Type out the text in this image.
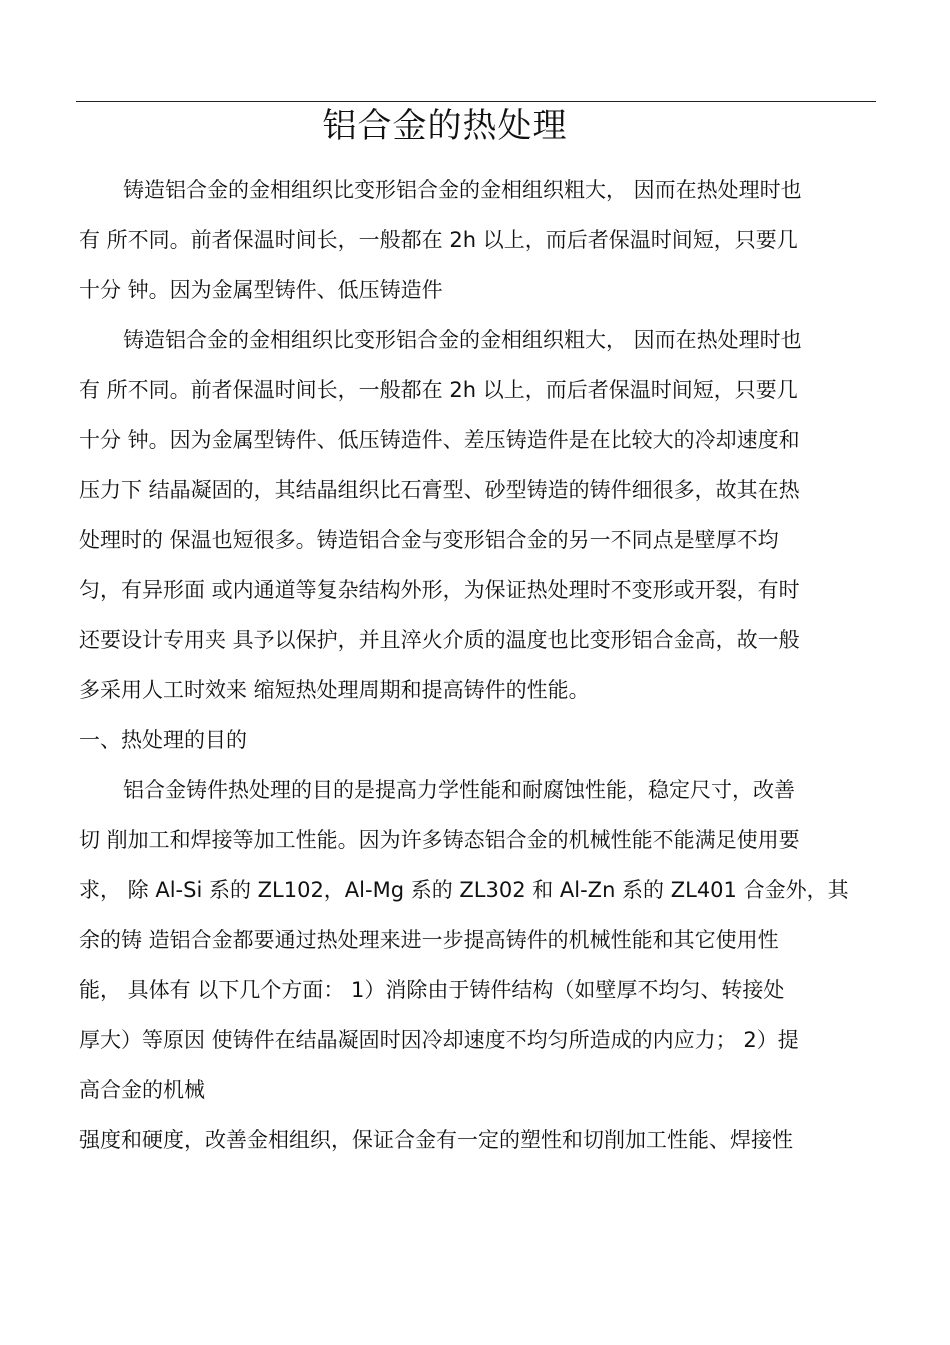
铝合金的热处理
铸造铝合金的金相组织比变形铝合金的金相组织粗大， 因而在热处理时也
有 所不同。前者保温时间长，一般都在 2h 以上，而后者保温时间短，只要几
十分 钟。因为金属型铸件、低压铸造件
铸造铝合金的金相组织比变形铝合金的金相组织粗大， 因而在热处理时也
有 所不同。前者保温时间长，一般都在 2h 以上，而后者保温时间短，只要几
十分 钟。因为金属型铸件、低压铸造件、差压铸造件是在比较大的冷却速度和
压力下 结晶凝固的，其结晶组织比石膏型、砂型铸造的铸件细很多，故其在热
处理时的 保温也短很多。铸造铝合金与变形铝合金的另一不同点是壁厚不均
匀，有异形面 或内通道等复杂结构外形，为保证热处理时不变形或开裂，有时
还要设计专用夹 具予以保护，并且淬火介质的温度也比变形铝合金高，故一般
多采用人工时效来 缩短热处理周期和提高铸件的性能。
一、热处理的目的
铝合金铸件热处理的目的是提高力学性能和耐腐蚀性能，稳定尺寸，改善
切 削加工和焊接等加工性能。因为许多铸态铝合金的机械性能不能满足使用要
求， 除 Al-Si 系的 ZL102，Al-Mg 系的 ZL302 和 Al-Zn 系的 ZL401 合金外，其
余的铸 造铝合金都要通过热处理来进一步提高铸件的机械性能和其它使用性
能， 具体有 以下几个方面： 1）消除由于铸件结构（如壁厚不均匀、转接处
厚大）等原因 使铸件在结晶凝固时因冷却速度不均匀所造成的内应力； 2）提
高合金的机械
强度和硬度，改善金相组织，保证合金有一定的塑性和切削加工性能、焊接性
